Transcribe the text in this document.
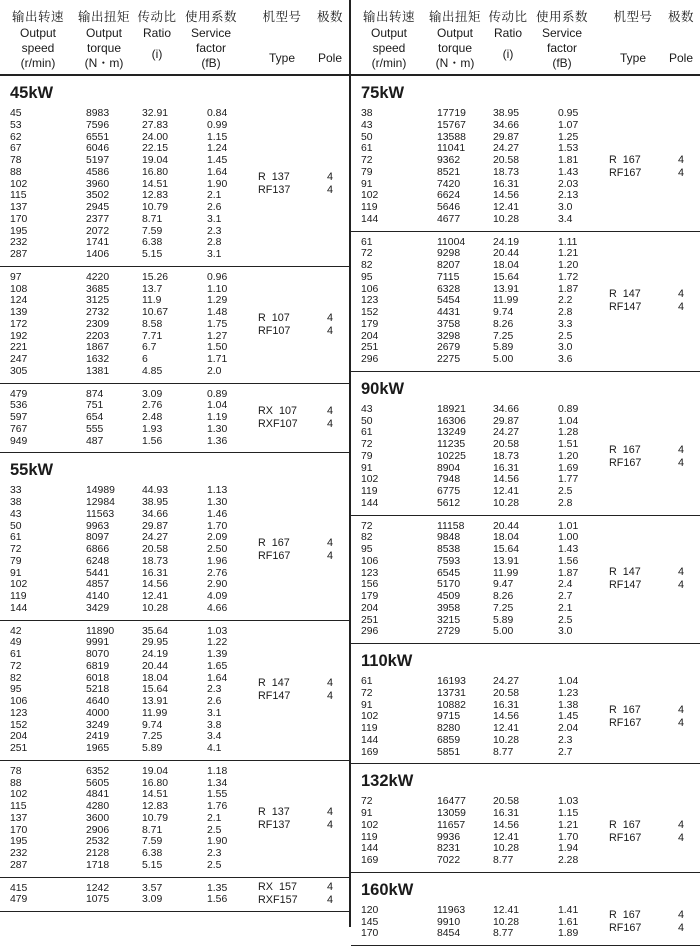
输出转速
Output
speed
(r/min)
输出扭矩
Output
torque
(N・m)
传动比
Ratio
(i)
使用系数
Service
factor
(fB)
机型号
Type
极数
Pole
45kW
45
53
62
67
78
88
102
115
137
170
195
232
287
8983
7596
6551
6046
5197
4586
3960
3502
2945
2377
2072
1741
1406
32.91
27.83
24.00
22.15
19.04
16.80
14.51
12.83
10.79
8.71
7.59
6.38
5.15
0.84
0.99
1.15
1.24
1.45
1.64
1.90
2.1
2.6
3.1
2.3
2.8
3.1
R  137
RF137
4
4
97
108
124
139
172
192
221
247
305
4220
3685
3125
2732
2309
2203
1867
1632
1381
15.26
13.7
11.9
10.67
8.58
7.71
6.7
6
4.85
0.96
1.10
1.29
1.48
1.75
1.27
1.50
1.71
2.0
R  107
RF107
4
4
479
536
597
767
949
874
751
654
555
487
3.09
2.76
2.48
1.93
1.56
0.89
1.04
1.19
1.30
1.36
RX  107
RXF107
4
4
55kW
33
38
43
50
61
72
79
91
102
119
144
14989
12984
11563
9963
8097
6866
6248
5441
4857
4140
3429
44.93
38.95
34.66
29.87
24.27
20.58
18.73
16.31
14.56
12.41
10.28
1.13
1.30
1.46
1.70
2.09
2.50
1.96
2.76
2.90
4.09
4.66
R  167
RF167
4
4
42
49
61
72
82
95
106
123
152
204
251
11890
9991
8070
6819
6018
5218
4640
4000
3249
2419
1965
35.64
29.95
24.19
20.44
18.04
15.64
13.91
11.99
9.74
7.25
5.89
1.03
1.22
1.39
1.65
1.64
2.3
2.6
3.1
3.8
3.4
4.1
R  147
RF147
4
4
78
88
102
115
137
170
195
232
287
6352
5605
4841
4280
3600
2906
2532
2128
1718
19.04
16.80
14.51
12.83
10.79
8.71
7.59
6.38
5.15
1.18
1.34
1.55
1.76
2.1
2.5
1.90
2.3
2.5
R  137
RF137
4
4
415
479
1242
1075
3.57
3.09
1.35
1.56
RX  157
RXF157
4
4
输出转速
Output
speed
(r/min)
输出扭矩
Output
torque
(N・m)
传动比
Ratio
(i)
使用系数
Service
factor
(fB)
机型号
Type
极数
Pole
75kW
38
43
50
61
72
79
91
102
119
144
17719
15767
13588
11041
9362
8521
7420
6624
5646
4677
38.95
34.66
29.87
24.27
20.58
18.73
16.31
14.56
12.41
10.28
0.95
1.07
1.25
1.53
1.81
1.43
2.03
2.13
3.0
3.4
R  167
RF167
4
4
61
72
82
95
106
123
152
179
204
251
296
11004
9298
8207
7115
6328
5454
4431
3758
3298
2679
2275
24.19
20.44
18.04
15.64
13.91
11.99
9.74
8.26
7.25
5.89
5.00
1.11
1.21
1.20
1.72
1.87
2.2
2.8
3.3
2.5
3.0
3.6
R  147
RF147
4
4
90kW
43
50
61
72
79
91
102
119
144
18921
16306
13249
11235
10225
8904
7948
6775
5612
34.66
29.87
24.27
20.58
18.73
16.31
14.56
12.41
10.28
0.89
1.04
1.28
1.51
1.20
1.69
1.77
2.5
2.8
R  167
RF167
4
4
72
82
95
106
123
156
179
204
251
296
11158
9848
8538
7593
6545
5170
4509
3958
3215
2729
20.44
18.04
15.64
13.91
11.99
9.47
8.26
7.25
5.89
5.00
1.01
1.00
1.43
1.56
1.87
2.4
2.7
2.1
2.5
3.0
R  147
RF147
4
4
110kW
61
72
91
102
119
144
169
16193
13731
10882
9715
8280
6859
5851
24.27
20.58
16.31
14.56
12.41
10.28
8.77
1.04
1.23
1.38
1.45
2.04
2.3
2.7
R  167
RF167
4
4
132kW
72
91
102
119
144
169
16477
13059
11657
9936
8231
7022
20.58
16.31
14.56
12.41
10.28
8.77
1.03
1.15
1.21
1.70
1.94
2.28
R  167
RF167
4
4
160kW
120
145
170
11963
9910
8454
12.41
10.28
8.77
1.41
1.61
1.89
R  167
RF167
4
4
